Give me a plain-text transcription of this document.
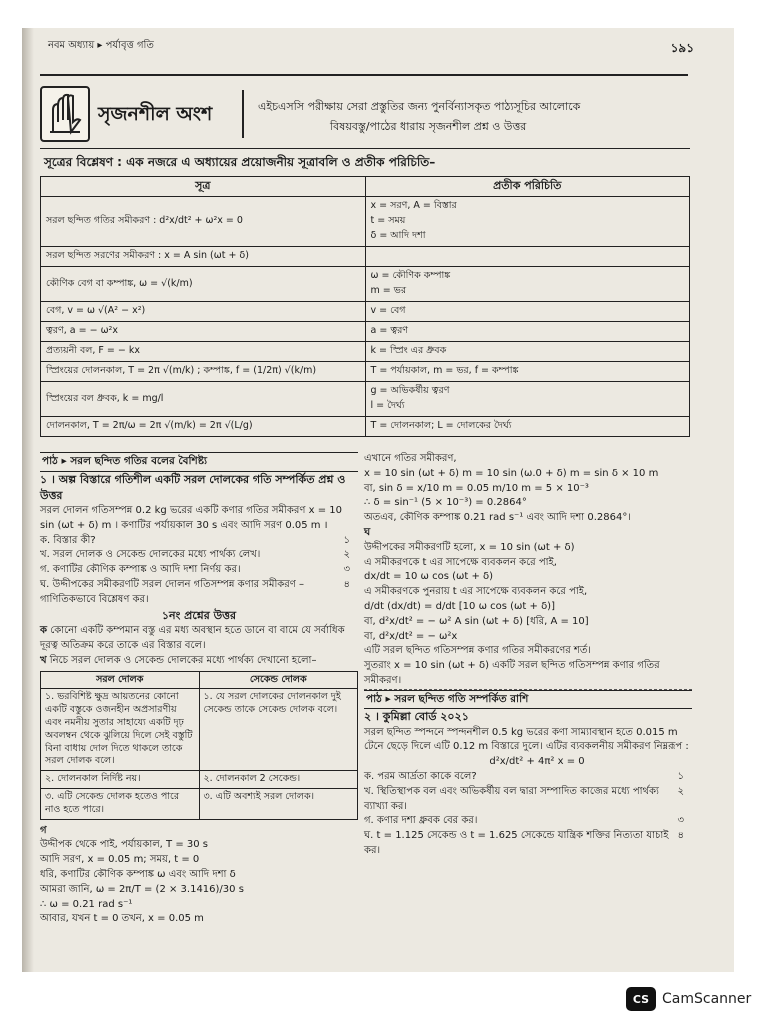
নবম অধ্যায় ▸ পর্যাবৃত্ত গতি	১৯১
সৃজনশীল অংশ	এইচএসসি পরীক্ষায় সেরা প্রস্তুতির জন্য পুনর্বিন্যাসকৃত পাঠ্যসূচির আলোকে
বিষয়বস্তু/পাঠের ধারায় সৃজনশীল প্রশ্ন ও উত্তর
সূত্রের বিশ্লেষণ : এক নজরে এ অধ্যায়ের প্রয়োজনীয় সূত্রাবলি ও প্রতীক পরিচিতি–
সূত্র	প্রতীক পরিচিতি
সরল ছন্দিত গতির সমীকরণ : d²x/dt² + ω²x = 0	x = সরণ, A = বিস্তার
t = সময়
δ = আদি দশা
সরল ছন্দিত সরণের সমীকরণ : x = A sin (ωt + δ)	
কৌণিক বেগ বা কম্পাঙ্ক, ω = √(k/m)	ω = কৌণিক কম্পাঙ্ক
m = ভর
বেগ, v = ω √(A² − x²)	v = বেগ
ত্বরণ, a = − ω²x	a = ত্বরণ
প্রত্যয়নী বল, F = − kx	k = স্প্রিং এর ধ্রুবক
স্প্রিংয়ের দোলনকাল, T = 2π √(m/k) ; কম্পাঙ্ক, f = (1/2π) √(k/m)	T = পর্যায়কাল, m = ভর, f = কম্পাঙ্ক
স্প্রিংয়ের বল ধ্রুবক, k = mg/l	g = অভিকর্ষীয় ত্বরণ
l = দৈর্ঘ্য
দোলনকাল, T = 2π/ω = 2π √(m/k) = 2π √(L/g)	T = দোলনকাল; L = দোলকের দৈর্ঘ্য
পাঠ ▸ সরল ছন্দিত গতির বলের বৈশিষ্ট্য
১ । অল্প বিস্তারে গতিশীল একটি সরল দোলকের গতি সম্পর্কিত প্রশ্ন ও উত্তর

সরল দোলন গতিসম্পন্ন 0.2 kg ভরের একটি কণার গতির সমীকরণ x = 10 sin (ωt + δ) m । কণাটির পর্যায়কাল 30 s এবং আদি সরণ 0.05 m ।

ক. বিস্তার কী?	১
খ. সরল দোলক ও সেকেন্ড দোলকের মধ্যে পার্থক্য লেখ।	২
গ. কণাটির কৌণিক কম্পাঙ্ক ও আদি দশা নির্ণয় কর।	৩
ঘ. উদ্দীপকের সমীকরণটি সরল দোলন গতিসম্পন্ন কণার সমীকরণ – গাণিতিকভাবে বিশ্লেষণ কর।
৪
১নং প্রশ্নের উত্তর

ক কোনো একটি কম্পমান বস্তু এর মধ্য অবস্থান হতে ডানে বা বামে যে সর্বাধিক দূরত্ব অতিক্রম করে তাকে এর বিস্তার বলে।

খ নিচে সরল দোলক ও সেকেন্ড দোলকের মধ্যে পার্থক্য দেখানো হলো–

সরল দোলক	সেকেন্ড দোলক
১. ভরবিশিষ্ট ক্ষুদ্র আয়তনের কোনো একটি বস্তুকে ওজনহীন অপ্রসারণীয় এবং নমনীয় সুতার সাহায্যে একটি দৃঢ় অবলম্বন থেকে ঝুলিয়ে দিলে সেই বস্তুটি বিনা বাধায় দোল দিতে থাকলে তাকে সরল দোলক বলে।	১. যে সরল দোলকের দোলনকাল দুই সেকেন্ড তাকে সেকেন্ড দোলক বলে।
২. দোলনকাল নির্দিষ্ট নয়।	২. দোলনকাল 2 সেকেন্ড।
৩. এটি সেকেন্ড দোলক হতেও পারে নাও হতে পারে।	৩. এটি অবশ্যই সরল দোলক।
গ
উদ্দীপক থেকে পাই, পর্যায়কাল, T = 30 s
আদি সরণ, x = 0.05 m; সময়, t = 0
ধরি, কণাটির কৌণিক কম্পাঙ্ক ω এবং আদি দশা δ
আমরা জানি, ω = 2π/T = (2 × 3.1416)/30 s
∴ ω = 0.21 rad s⁻¹
আবার, যখন t = 0 তখন, x = 0.05 m
এখানে গতির সমীকরণ,
x = 10 sin (ωt + δ) m = 10 sin (ω.0 + δ) m = sin δ × 10 m
বা, sin δ = x/10 m = 0.05 m/10 m = 5 × 10⁻³
∴ δ = sin⁻¹ (5 × 10⁻³) = 0.2864°
অতএব, কৌণিক কম্পাঙ্ক 0.21 rad s⁻¹ এবং আদি দশা 0.2864°।
ঘ
উদ্দীপকের সমীকরণটি হলো, x = 10 sin (ωt + δ)
এ সমীকরণকে t এর সাপেক্ষে ব্যবকলন করে পাই,
dx/dt = 10 ω cos (ωt + δ)
এ সমীকরণকে পুনরায় t এর সাপেক্ষে ব্যবকলন করে পাই,
d/dt (dx/dt) = d/dt [10 ω cos (ωt + δ)]
বা, d²x/dt² = − ω² A sin (ωt + δ) [ধরি, A = 10]
বা, d²x/dt² = − ω²x
এটি সরল ছন্দিত গতিসম্পন্ন কণার গতির সমীকরণের শর্ত।
সুতরাং x = 10 sin (ωt + δ) একটি সরল ছন্দিত গতিসম্পন্ন কণার গতির সমীকরণ।
পাঠ ▸ সরল ছন্দিত গতি সম্পর্কিত রাশি
২ । কুমিল্লা বোর্ড ২০২১

সরল ছন্দিত স্পন্দনে স্পন্দনশীল 0.5 kg ভরের কণা সাম্যাবস্থান হতে 0.015 m টেনে ছেড়ে দিলে এটি 0.12 m বিস্তারে দুলে। এটির ব্যবকলনীয় সমীকরণ নিম্নরূপ :

d²x/dt² + 4π² x = 0

ক. পরম আর্দ্রতা কাকে বলে?	১
খ. স্থিতিস্থাপক বল এবং অভিকর্ষীয় বল দ্বারা সম্পাদিত কাজের মধ্যে পার্থক্য ব্যাখ্যা কর।
২
গ. কণার দশা ধ্রুবক বের কর।	৩
ঘ. t = 1.125 সেকেন্ড ও t = 1.625 সেকেন্ডে যান্ত্রিক শক্তির নিত্যতা যাচাই কর।
৪
CS CamScanner
